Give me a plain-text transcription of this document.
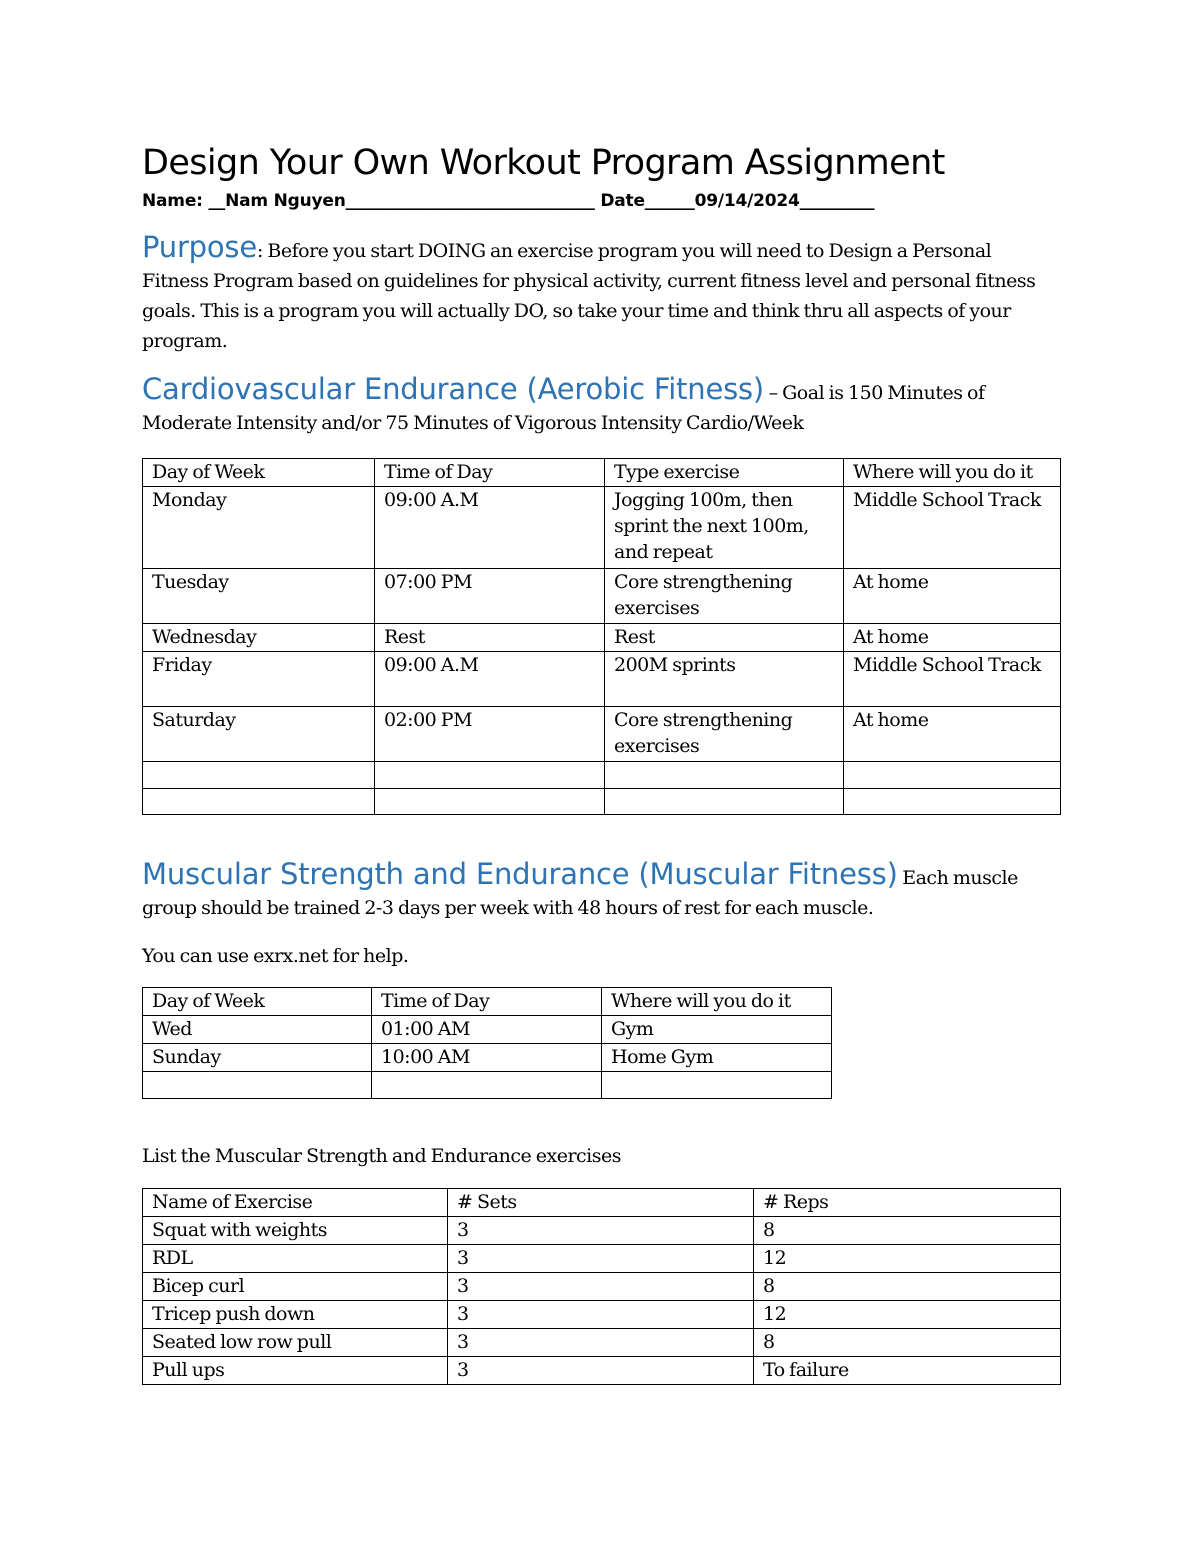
Design Your Own Workout Program Assignment
Name: __Nam Nguyen______________________________ Date______09/14/2024_________
Purpose: Before you start DOING an exercise program you will need to Design a Personal Fitness Program based on guidelines for physical activity, current fitness level and personal fitness goals. This is a program you will actually DO, so take your time and think thru all aspects of your program.
Cardiovascular Endurance (Aerobic Fitness) – Goal is 150 Minutes of Moderate Intensity and/or 75 Minutes of Vigorous Intensity Cardio/Week
Day of Week	Time of Day	Type exercise	Where will you do it
Monday	09:00 A.M	Jogging 100m, then sprint the next 100m, and repeat	Middle School Track
Tuesday	07:00 PM	Core strengthening exercises	At home
Wednesday	Rest	Rest	At home
Friday	09:00 A.M	200M sprints	Middle School Track
Saturday	02:00 PM	Core strengthening exercises	At home

Muscular Strength and Endurance (Muscular Fitness) Each muscle group should be trained 2-3 days per week with 48 hours of rest for each muscle.
You can use exrx.net for help.
Day of Week	Time of Day	Where will you do it
Wed	01:00 AM	Gym
Sunday	10:00 AM	Home Gym

List the Muscular Strength and Endurance exercises
Name of Exercise	# Sets	# Reps
Squat with weights	3	8
RDL	3	12
Bicep curl	3	8
Tricep push down	3	12
Seated low row pull	3	8
Pull ups	3	To failure
